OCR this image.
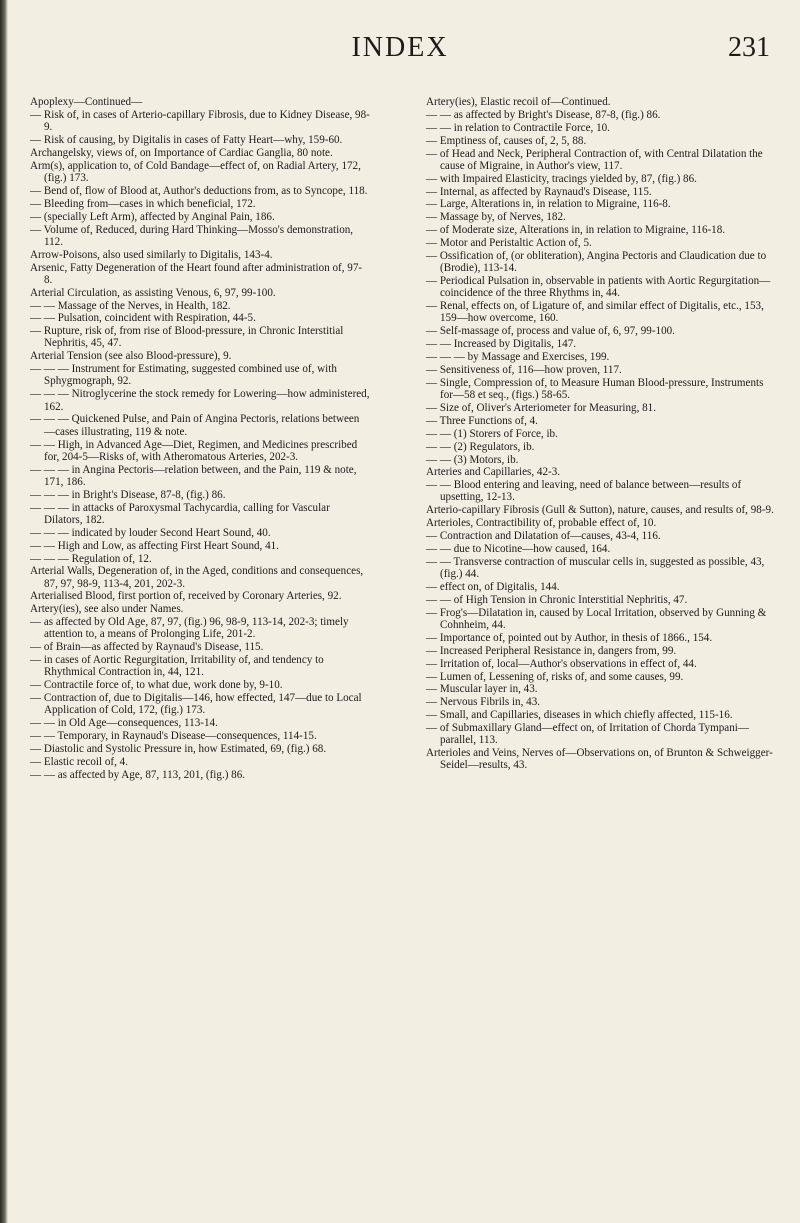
INDEX	231
Apoplexy—Continued—
— Risk of, in cases of Arterio-capillary Fibrosis, due to Kidney Disease, 98-9.
— Risk of causing, by Digitalis in cases of Fatty Heart—why, 159-60.
Archangelsky, views of, on Importance of Cardiac Ganglia, 80 note.
Arm(s), application to, of Cold Bandage—effect of, on Radial Artery, 172, (fig.) 173.
— Bend of, flow of Blood at, Author's deductions from, as to Syncope, 118.
— Bleeding from—cases in which beneficial, 172.
— (specially Left Arm), affected by Anginal Pain, 186.
— Volume of, Reduced, during Hard Thinking—Mosso's demonstration, 112.
Arrow-Poisons, also used similarly to Digitalis, 143-4.
Arsenic, Fatty Degeneration of the Heart found after administration of, 97-8.
Arterial Circulation, as assisting Venous, 6, 97, 99-100.
— — Massage of the Nerves, in Health, 182.
— — Pulsation, coincident with Respiration, 44-5.
— Rupture, risk of, from rise of Blood-pressure, in Chronic Interstitial Nephritis, 45, 47.
Arterial Tension (see also Blood-pressure), 9.
— — — Instrument for Estimating, suggested combined use of, with Sphygmograph, 92.
— — — Nitroglycerine the stock remedy for Lowering—how administered, 162.
— — — Quickened Pulse, and Pain of Angina Pectoris, relations between—cases illustrating, 119 & note.
— — High, in Advanced Age—Diet, Regimen, and Medicines prescribed for, 204-5—Risks of, with Atheromatous Arteries, 202-3.
— — — in Angina Pectoris—relation between, and the Pain, 119 & note, 171, 186.
— — — in Bright's Disease, 87-8, (fig.) 86.
— — — in attacks of Paroxysmal Tachycardia, calling for Vascular Dilators, 182.
— — — indicated by louder Second Heart Sound, 40.
— — High and Low, as affecting First Heart Sound, 41.
— — — Regulation of, 12.
Arterial Walls, Degeneration of, in the Aged, conditions and consequences, 87, 97, 98-9, 113-4, 201, 202-3.
Arterialised Blood, first portion of, received by Coronary Arteries, 92.
Artery(ies), see also under Names.
— as affected by Old Age, 87, 97, (fig.) 96, 98-9, 113-14, 202-3; timely attention to, a means of Prolonging Life, 201-2.
— of Brain—as affected by Raynaud's Disease, 115.
— in cases of Aortic Regurgitation, Irritability of, and tendency to Rhythmical Contraction in, 44, 121.
— Contractile force of, to what due, work done by, 9-10.
— Contraction of, due to Digitalis—146, how effected, 147—due to Local Application of Cold, 172, (fig.) 173.
— — in Old Age—consequences, 113-14.
— — Temporary, in Raynaud's Disease—consequences, 114-15.
— Diastolic and Systolic Pressure in, how Estimated, 69, (fig.) 68.
— Elastic recoil of, 4.
— — as affected by Age, 87, 113, 201, (fig.) 86.
Artery(ies), Elastic recoil of—Continued.
— — as affected by Bright's Disease, 87-8, (fig.) 86.
— — in relation to Contractile Force, 10.
— Emptiness of, causes of, 2, 5, 88.
— of Head and Neck, Peripheral Contraction of, with Central Dilatation the cause of Migraine, in Author's view, 117.
— with Impaired Elasticity, tracings yielded by, 87, (fig.) 86.
— Internal, as affected by Raynaud's Disease, 115.
— Large, Alterations in, in relation to Migraine, 116-8.
— Massage by, of Nerves, 182.
— of Moderate size, Alterations in, in relation to Migraine, 116-18.
— Motor and Peristaltic Action of, 5.
— Ossification of, (or obliteration), Angina Pectoris and Claudication due to (Brodie), 113-14.
— Periodical Pulsation in, observable in patients with Aortic Regurgitation—coincidence of the three Rhythms in, 44.
— Renal, effects on, of Ligature of, and similar effect of Digitalis, etc., 153, 159—how overcome, 160.
— Self-massage of, process and value of, 6, 97, 99-100.
— — Increased by Digitalis, 147.
— — — by Massage and Exercises, 199.
— Sensitiveness of, 116—how proven, 117.
— Single, Compression of, to Measure Human Blood-pressure, Instruments for—58 et seq., (figs.) 58-65.
— Size of, Oliver's Arteriometer for Measuring, 81.
— Three Functions of, 4.
— — (1) Storers of Force, ib.
— — (2) Regulators, ib.
— — (3) Motors, ib.
Arteries and Capillaries, 42-3.
— — Blood entering and leaving, need of balance between—results of upsetting, 12-13.
Arterio-capillary Fibrosis (Gull & Sutton), nature, causes, and results of, 98-9.
Arterioles, Contractibility of, probable effect of, 10.
— Contraction and Dilatation of—causes, 43-4, 116.
— — due to Nicotine—how caused, 164.
— — Transverse contraction of muscular cells in, suggested as possible, 43, (fig.) 44.
— effect on, of Digitalis, 144.
— — of High Tension in Chronic Interstitial Nephritis, 47.
— Frog's—Dilatation in, caused by Local Irritation, observed by Gunning & Cohnheim, 44.
— Importance of, pointed out by Author, in thesis of 1866., 154.
— Increased Peripheral Resistance in, dangers from, 99.
— Irritation of, local—Author's observations in effect of, 44.
— Lumen of, Lessening of, risks of, and some causes, 99.
— Muscular layer in, 43.
— Nervous Fibrils in, 43.
— Small, and Capillaries, diseases in which chiefly affected, 115-16.
— of Submaxillary Gland—effect on, of Irritation of Chorda Tympani—parallel, 113.
Arterioles and Veins, Nerves of—Observations on, of Brunton & Schweigger-Seidel—results, 43.
